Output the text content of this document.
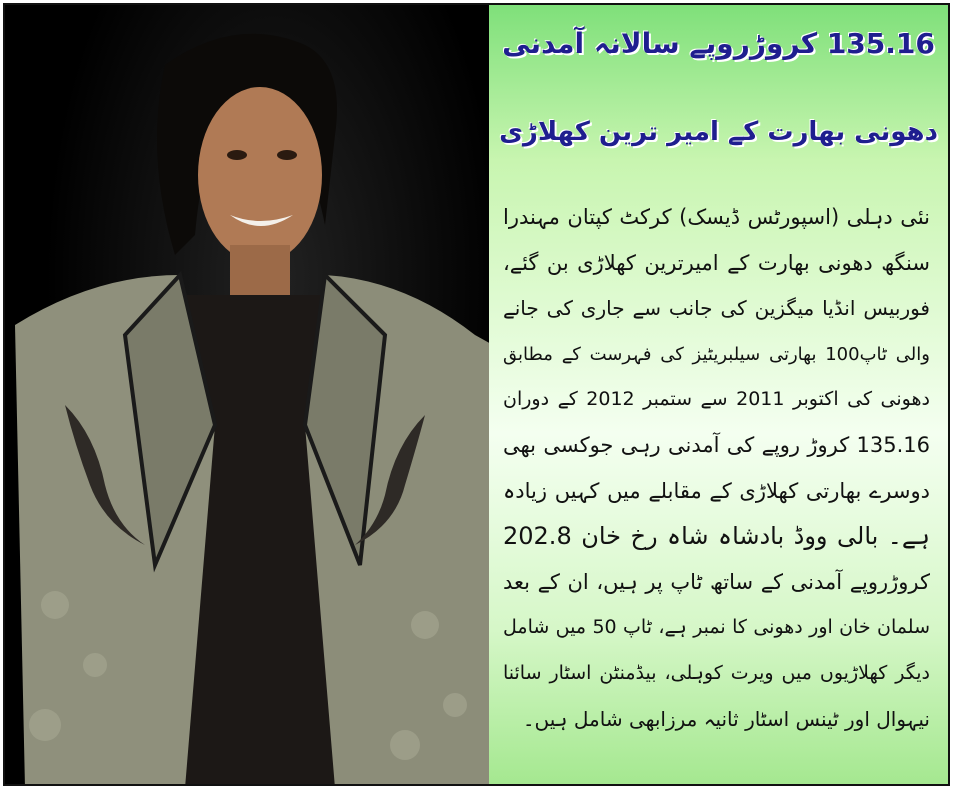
135.16 کروڑروپے سالانہ آمدنی
دھونی بھارت کے امیر ترین کھلاڑی
نئی دہلی (اسپورٹس ڈیسک) کرکٹ کپتان مہندرا
سنگھ دھونی بھارت کے امیرترین کھلاڑی بن گئے،
فوربیس انڈیا میگزین کی جانب سے جاری کی جانے
والی ٹاپ100 بھارتی سیلبریٹیز کی فہرست کے مطابق
دھونی کی اکتوبر 2011 سے ستمبر 2012 کے دوران
135.16 کروڑ روپے کی آمدنی رہی جوکسی بھی
دوسرے بھارتی کھلاڑی کے مقابلے میں کہیں زیادہ
ہے۔ بالی ووڈ بادشاہ شاہ رخ خان 202.8
کروڑروپے آمدنی کے ساتھ ٹاپ پر ہیں، ان کے بعد
سلمان خان اور دھونی کا نمبر ہے، ٹاپ 50 میں شامل
دیگر کھلاڑیوں میں ویرت کوہلی، بیڈمنٹن اسٹار سائنا
نیہوال اور ٹینس اسٹار ثانیہ مرزابھی شامل ہیں۔
